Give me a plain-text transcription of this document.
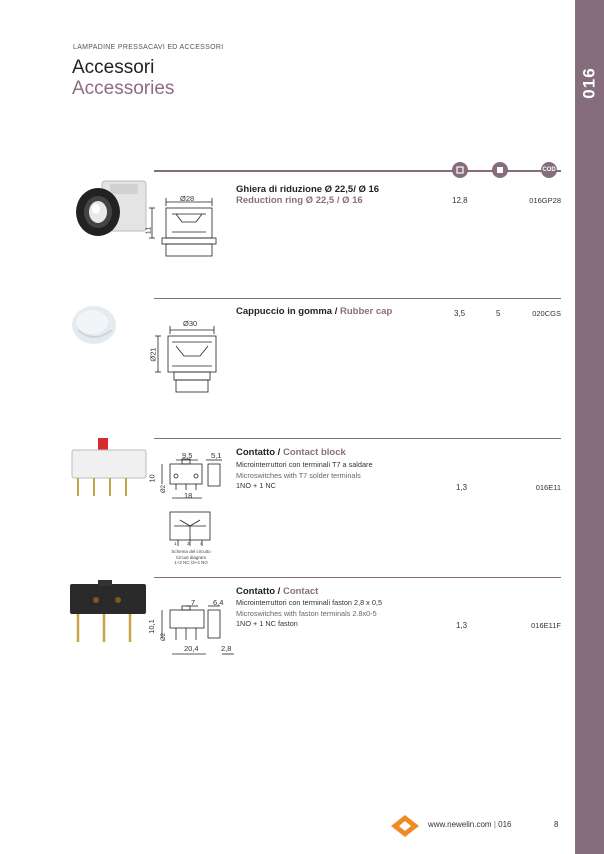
016
LAMPADINE PRESSACAVI ED ACCESSORI
Accessori
Accessories
COD
Ø28
11
Ghiera di riduzione Ø 22,5/ Ø 16
Reduction ring Ø 22,5 / Ø 16	12,8	016GP28
Ø30
Ø21
Cappuccio in gomma / Rubber cap	3,5	5	020CGS
9,5 5,1
10
Ø2
18
1 3 4
Schema del circuito
Circuit diagram
1+2 NC /3+4 NO
Contatto / Contact block
Microinterruttori con terminali T7 a saldare
Microswitches with T7 solder terminals
1NO + 1 NC	1,3	016E11
7 6,4
10,1
Ø2
20,4	2,8
Contatto / Contact
Microinterruttori con terminali faston 2,8 x 0,5
Microswitches with faston terminals 2.8x0-5
1NO + 1 NC faston	1,3	016E11F
www.newelin.com | 016	8
